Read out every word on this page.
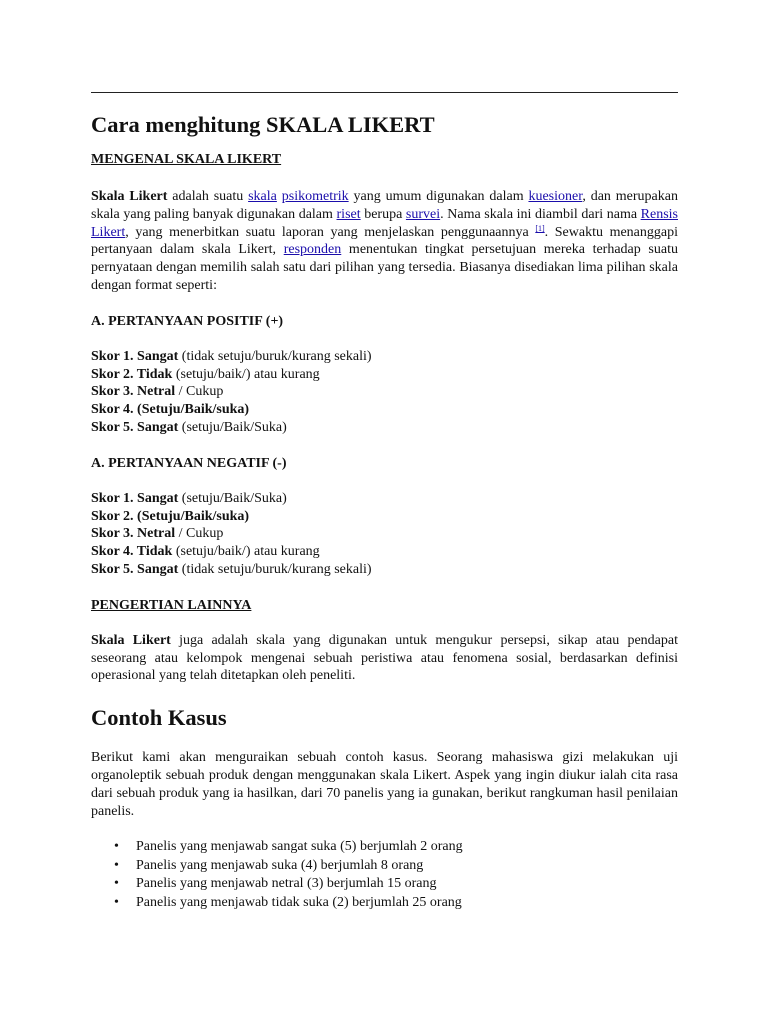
Cara menghitung SKALA LIKERT
MENGENAL SKALA LIKERT

Skala Likert adalah suatu skala psikometrik yang umum digunakan dalam kuesioner, dan merupakan skala yang paling banyak digunakan dalam riset berupa survei. Nama skala ini diambil dari nama Rensis Likert, yang menerbitkan suatu laporan yang menjelaskan penggunaannya [1]. Sewaktu menanggapi pertanyaan dalam skala Likert, responden menentukan tingkat persetujuan mereka terhadap suatu pernyataan dengan memilih salah satu dari pilihan yang tersedia. Biasanya disediakan lima pilihan skala dengan format seperti:

A. PERTANYAAN POSITIF (+)
Skor 1. Sangat (tidak setuju/buruk/kurang sekali)
Skor 2. Tidak (setuju/baik/) atau kurang
Skor 3. Netral / Cukup
Skor 4. (Setuju/Baik/suka)
Skor 5. Sangat (setuju/Baik/Suka)
A. PERTANYAAN NEGATIF (-)
Skor 1. Sangat (setuju/Baik/Suka)
Skor 2. (Setuju/Baik/suka)
Skor 3. Netral / Cukup
Skor 4. Tidak (setuju/baik/) atau kurang
Skor 5. Sangat (tidak setuju/buruk/kurang sekali)
PENGERTIAN LAINNYA

Skala Likert juga adalah skala yang digunakan untuk mengukur persepsi, sikap atau pendapat seseorang atau kelompok mengenai sebuah peristiwa atau fenomena sosial, berdasarkan definisi operasional yang telah ditetapkan oleh peneliti.

Contoh Kasus

Berikut kami akan menguraikan sebuah contoh kasus. Seorang mahasiswa gizi melakukan uji organoleptik sebuah produk dengan menggunakan skala Likert. Aspek yang ingin diukur ialah cita rasa dari sebuah produk yang ia hasilkan, dari 70 panelis yang ia gunakan, berikut rangkuman hasil penilaian panelis.

• Panelis yang menjawab sangat suka (5) berjumlah 2 orang
• Panelis yang menjawab suka (4) berjumlah 8 orang
• Panelis yang menjawab netral (3) berjumlah 15 orang
• Panelis yang menjawab tidak suka (2) berjumlah 25 orang
